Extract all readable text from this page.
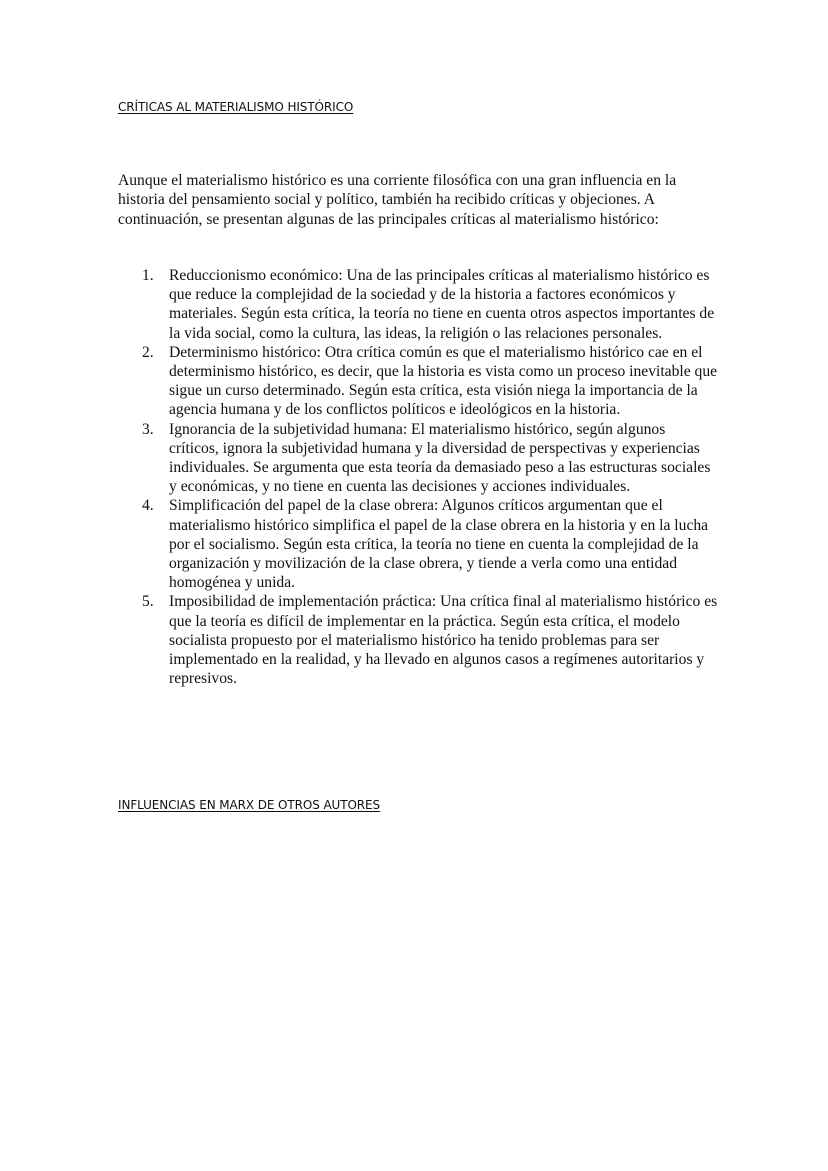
CRÍTICAS AL MATERIALISMO HISTÓRICO

Aunque el materialismo histórico es una corriente filosófica con una gran influencia en la historia del pensamiento social y político, también ha recibido críticas y objeciones. A continuación, se presentan algunas de las principales críticas al materialismo histórico:

1. Reduccionismo económico: Una de las principales críticas al materialismo histórico es que reduce la complejidad de la sociedad y de la historia a factores económicos y materiales. Según esta crítica, la teoría no tiene en cuenta otros aspectos importantes de la vida social, como la cultura, las ideas, la religión o las relaciones personales.
2. Determinismo histórico: Otra crítica común es que el materialismo histórico cae en el determinismo histórico, es decir, que la historia es vista como un proceso inevitable que sigue un curso determinado. Según esta crítica, esta visión niega la importancia de la agencia humana y de los conflictos políticos e ideológicos en la historia.
3. Ignorancia de la subjetividad humana: El materialismo histórico, según algunos críticos, ignora la subjetividad humana y la diversidad de perspectivas y experiencias individuales. Se argumenta que esta teoría da demasiado peso a las estructuras sociales y económicas, y no tiene en cuenta las decisiones y acciones individuales.
4. Simplificación del papel de la clase obrera: Algunos críticos argumentan que el materialismo histórico simplifica el papel de la clase obrera en la historia y en la lucha por el socialismo. Según esta crítica, la teoría no tiene en cuenta la complejidad de la organización y movilización de la clase obrera, y tiende a verla como una entidad homogénea y unida.
5. Imposibilidad de implementación práctica: Una crítica final al materialismo histórico es que la teoría es difícil de implementar en la práctica. Según esta crítica, el modelo socialista propuesto por el materialismo histórico ha tenido problemas para ser implementado en la realidad, y ha llevado en algunos casos a regímenes autoritarios y represivos.
INFLUENCIAS EN MARX DE OTROS AUTORES
